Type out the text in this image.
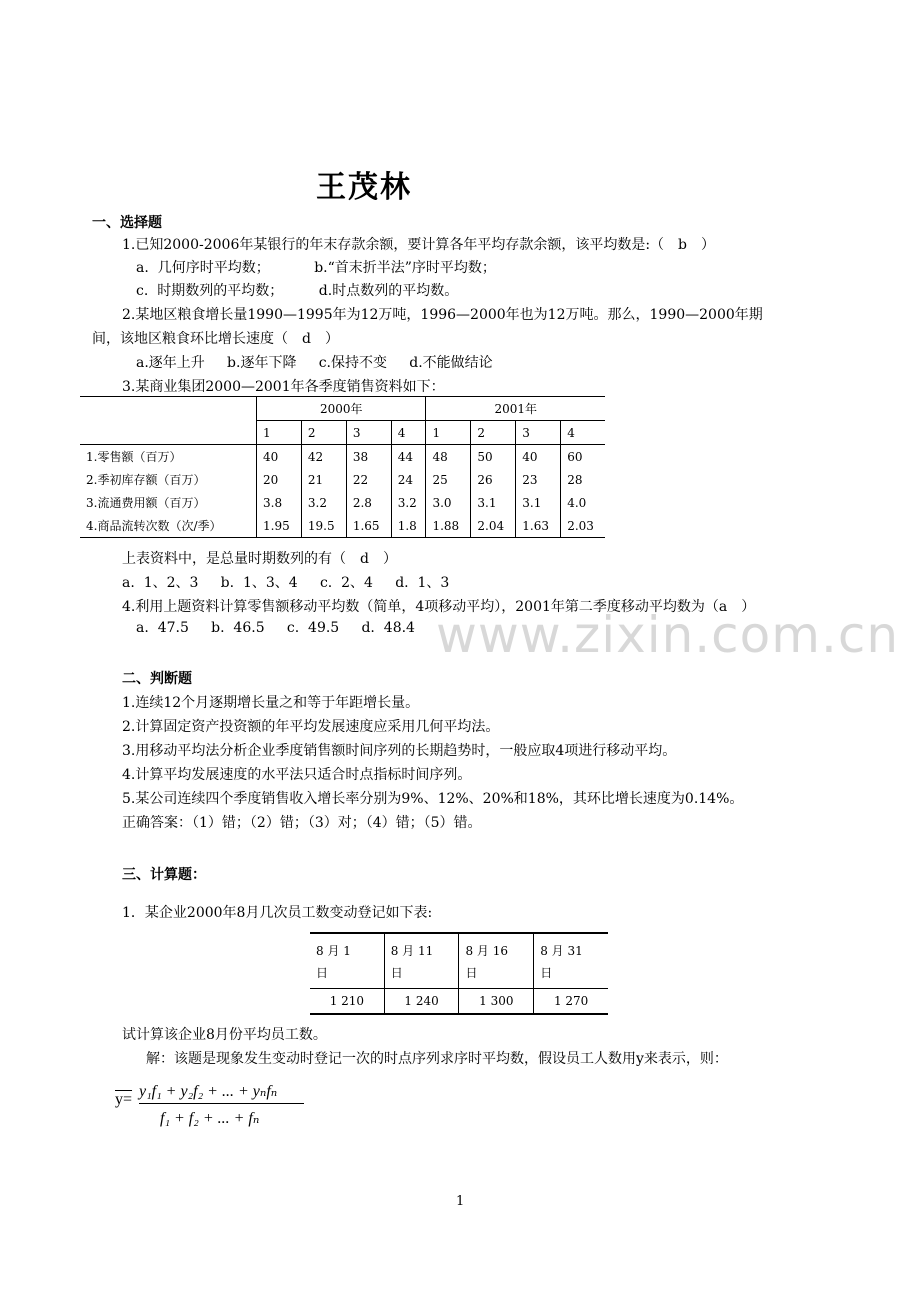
www.zixin.com.cn
王茂林
一、选择题
1.已知2000-2006年某银行的年末存款余额，要计算各年平均存款余额，该平均数是:（　b　）
a.  几何序时平均数；          b.“首末折半法”序时平均数；
c.  时期数列的平均数；        d.时点数列的平均数。
2.某地区粮食增长量1990—1995年为12万吨，1996—2000年也为12万吨。那么，1990—2000年期
间，该地区粮食环比增长速度（　d　）
a.逐年上升     b.逐年下降     c.保持不变     d.不能做结论
3.某商业集团2000—2001年各季度销售资料如下：
	2000年				2001年			
	1	2	3	4	1	2	3	4
1.零售额（百万）	40	42	38	44	48	50	40	60
2.季初库存额（百万）	20	21	22	24	25	26	23	28
3.流通费用额（百万）	3.8	3.2	2.8	3.2	3.0	3.1	3.1	4.0
4.商品流转次数（次/季）	1.95	19.5	1.65	1.8	1.88	2.04	1.63	2.03
上表资料中，是总量时期数列的有（　d　）
a.  1、2、3     b.  1、3、4     c.  2、4     d.  1、3
4.利用上题资料计算零售额移动平均数（简单，4项移动平均），2001年第二季度移动平均数为（a　）
a.  47.5     b.  46.5     c.  49.5     d.  48.4
二、判断题
1.连续12个月逐期增长量之和等于年距增长量。
2.计算固定资产投资额的年平均发展速度应采用几何平均法。
3.用移动平均法分析企业季度销售额时间序列的长期趋势时，一般应取4项进行移动平均。
4.计算平均发展速度的水平法只适合时点指标时间序列。
5.某公司连续四个季度销售收入增长率分别为9%、12%、20%和18%，其环比增长速度为0.14%。
正确答案：（1）错；（2）错；（3）对；（4）错；（5）错。
三、计算题：
1．某企业2000年8月几次员工数变动登记如下表:
8 月 1
日	8 月 11
日	8 月 16
日	8 月 31
日
1 210	1 240	1 300	1 270
试计算该企业8月份平均员工数。
解：该题是现象发生变动时登记一次的时点序列求序时平均数，假设员工人数用y来表示，则：
y= y₁f₁ + y₂f₂ + ... + yₙfₙ
f₁ + f₂ + ... + fₙ
1
